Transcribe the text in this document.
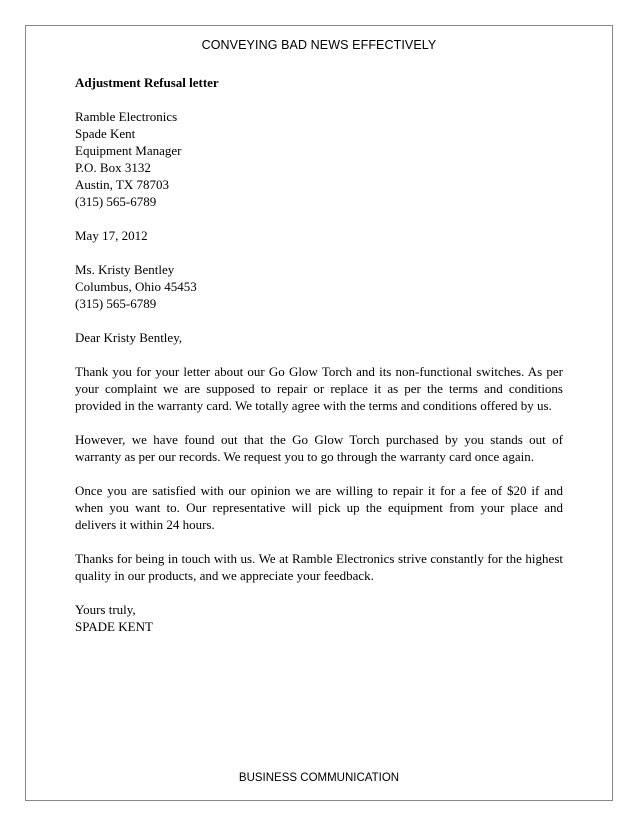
CONVEYING BAD NEWS EFFECTIVELY
Adjustment Refusal letter
Ramble Electronics
Spade Kent
Equipment Manager
P.O. Box 3132
Austin, TX 78703
(315) 565-6789
May 17, 2012
Ms. Kristy Bentley
Columbus, Ohio 45453
(315) 565-6789
Dear Kristy Bentley,

Thank you for your letter about our Go Glow Torch and its non-functional switches. As per your complaint we are supposed to repair or replace it as per the terms and conditions provided in the warranty card. We totally agree with the terms and conditions offered by us.

However, we have found out that the Go Glow Torch purchased by you stands out of warranty as per our records. We request you to go through the warranty card once again.

Once you are satisfied with our opinion we are willing to repair it for a fee of $20 if and when you want to. Our representative will pick up the equipment from your place and delivers it within 24 hours.

Thanks for being in touch with us. We at Ramble Electronics strive constantly for the highest quality in our products, and we appreciate your feedback.

Yours truly,
SPADE KENT
BUSINESS COMMUNICATION
